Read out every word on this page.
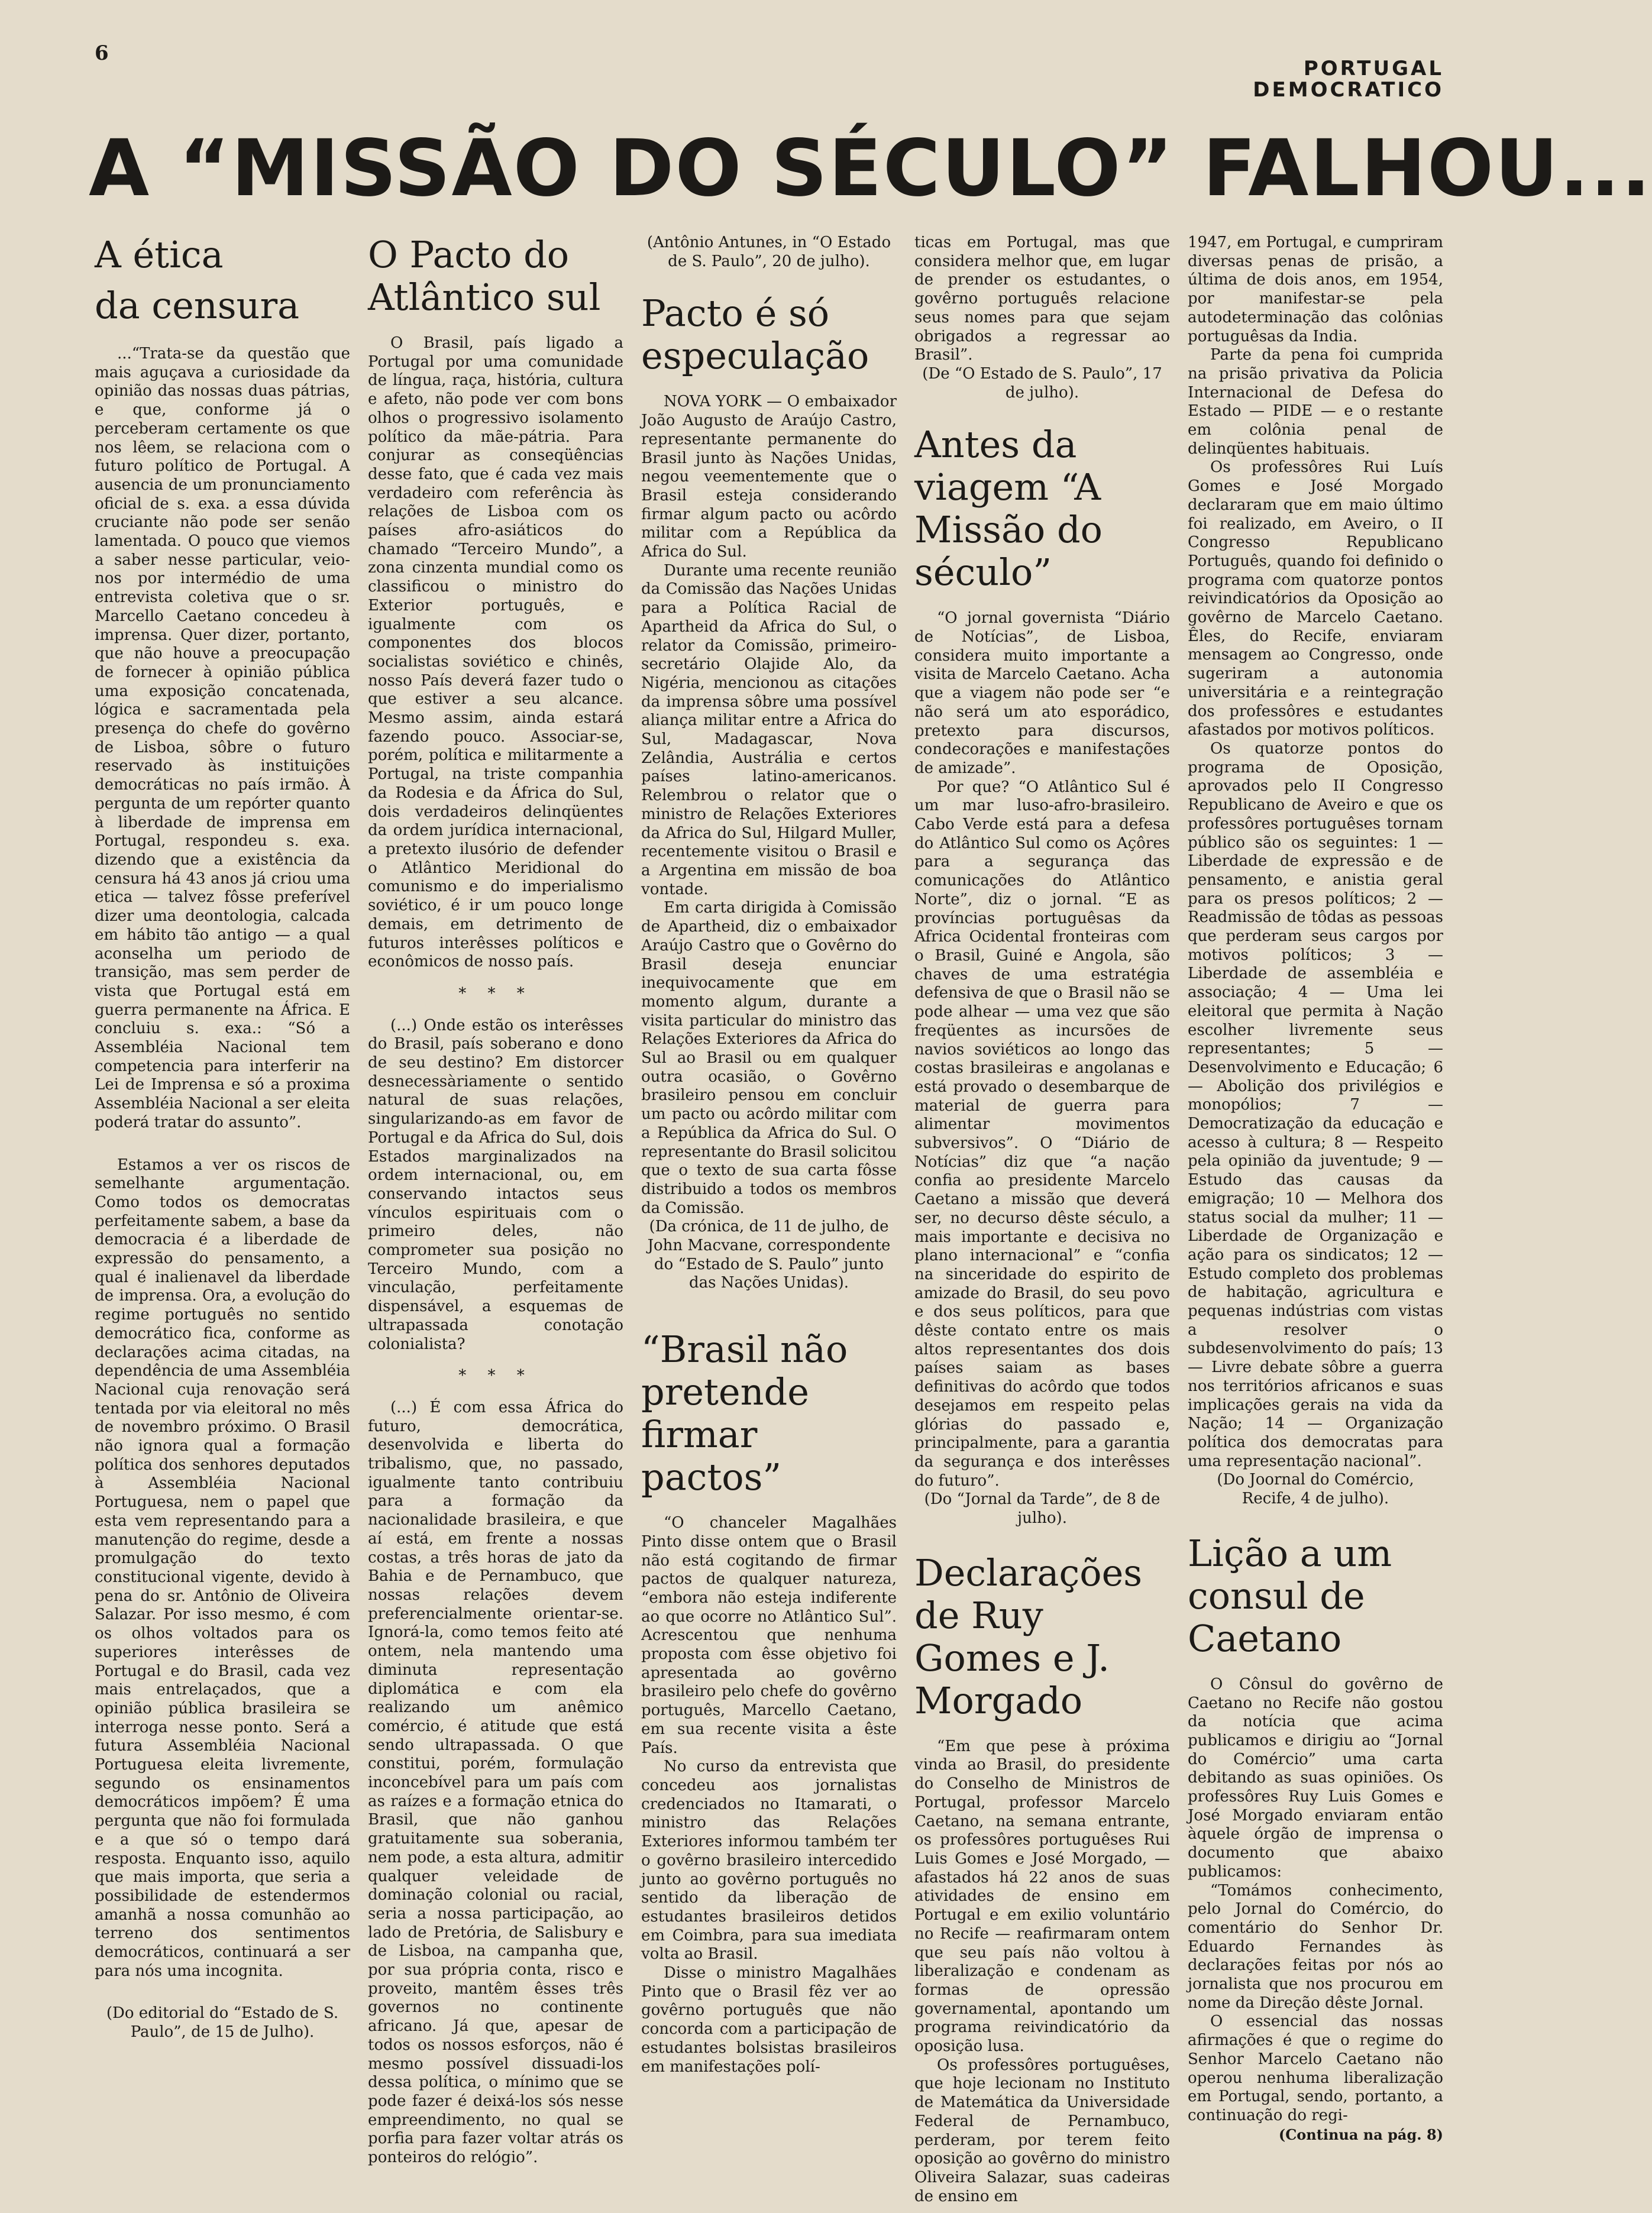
6
PORTUGAL
DEMOCRATICO
A “MISSÃO DO SÉCULO” FALHOU...
A ética
da censura

...“Trata-se da questão que mais aguçava a curiosidade da opinião das nossas duas pátrias, e que, conforme já o perceberam certamente os que nos lêem, se relaciona com o futuro político de Portugal. A ausencia de um pronunciamento oficial de s. exa. a essa dúvida cruciante não pode ser senão lamentada. O pouco que viemos a saber nesse particular, veio-nos por intermédio de uma entrevista coletiva que o sr. Marcello Caetano concedeu à imprensa. Quer dizer, portanto, que não houve a preocupação de fornecer à opinião pública uma exposição concatenada, lógica e sacramentada pela presença do chefe do govêrno de Lisboa, sôbre o futuro reservado às instituições democráticas no país irmão. À pergunta de um repórter quanto à liberdade de imprensa em Portugal, respondeu s. exa. dizendo que a existência da censura há 43 anos já criou uma etica — talvez fôsse preferível dizer uma deontologia, calcada em hábito tão antigo — a qual aconselha um periodo de transição, mas sem perder de vista que Portugal está em guerra permanente na África. E concluiu s. exa.: “Só a Assembléia Nacional tem competencia para interferir na Lei de Imprensa e só a proxima Assembléia Nacional a ser eleita poderá tratar do assunto”.

Estamos a ver os riscos de semelhante argumentação. Como todos os democratas perfeitamente sabem, a base da democracia é a liberdade de expressão do pensamento, a qual é inalienavel da liberdade de imprensa. Ora, a evolução do regime português no sentido democrático fica, conforme as declarações acima citadas, na dependência de uma Assembléia Nacional cuja renovação será tentada por via eleitoral no mês de novembro próximo. O Brasil não ignora qual a formação política dos senhores deputados à Assembléia Nacional Portuguesa, nem o papel que esta vem representando para a manutenção do regime, desde a promulgação do texto constitucional vigente, devido à pena do sr. Antônio de Oliveira Salazar. Por isso mesmo, é com os olhos voltados para os superiores interêsses de Portugal e do Brasil, cada vez mais entrelaçados, que a opinião pública brasileira se interroga nesse ponto. Será a futura Assembléia Nacional Portuguesa eleita livremente, segundo os ensinamentos democráticos impõem? É uma pergunta que não foi formulada e a que só o tempo dará resposta. Enquanto isso, aquilo que mais importa, que seria a possibilidade de estendermos amanhã a nossa comunhão ao terreno dos sentimentos democráticos, continuará a ser para nós uma incognita.

(Do editorial do “Estado de S. Paulo”, de 15 de Julho).

O Pacto do
Atlântico sul

O Brasil, país ligado a Portugal por uma comunidade de língua, raça, história, cultura e afeto, não pode ver com bons olhos o progressivo isolamento político da mãe-pátria. Para conjurar as conseqüências desse fato, que é cada vez mais verdadeiro com referência às relações de Lisboa com os países afro-asiáticos do chamado “Terceiro Mundo”, a zona cinzenta mundial como os classificou o ministro do Exterior português, e igualmente com os componentes dos blocos socialistas soviético e chinês, nosso País deverá fazer tudo o que estiver a seu alcance. Mesmo assim, ainda estará fazendo pouco. Associar-se, porém, política e militarmente a Portugal, na triste companhia da Rodesia e da África do Sul, dois verdadeiros delinqüentes da ordem jurídica internacional, a pretexto ilusório de defender o Atlântico Meridional do comunismo e do imperialismo soviético, é ir um pouco longe demais, em detrimento de futuros interêsses políticos e econômicos de nosso país.

* * *

(...) Onde estão os interêsses do Brasil, país soberano e dono de seu destino? Em distorcer desnecessàriamente o sentido natural de suas relações, singularizando-as em favor de Portugal e da Africa do Sul, dois Estados marginalizados na ordem internacional, ou, em conservando intactos seus vínculos espirituais com o primeiro deles, não comprometer sua posição no Terceiro Mundo, com a vinculação, perfeitamente dispensável, a esquemas de ultrapassada conotação colonialista?

* * *

(...) É com essa África do futuro, democrática, desenvolvida e liberta do tribalismo, que, no passado, igualmente tanto contribuiu para a formação da nacionalidade brasileira, e que aí está, em frente a nossas costas, a três horas de jato da Bahia e de Pernambuco, que nossas relações devem preferencialmente orientar-se. Ignorá-la, como temos feito até ontem, nela mantendo uma diminuta representação diplomática e com ela realizando um anêmico comércio, é atitude que está sendo ultrapassada. O que constitui, porém, formulação inconcebível para um país com as raízes e a formação etnica do Brasil, que não ganhou gratuitamente sua soberania, nem pode, a esta altura, admitir qualquer veleidade de dominação colonial ou racial, seria a nossa participação, ao lado de Pretória, de Salisbury e de Lisboa, na campanha que, por sua própria conta, risco e proveito, mantêm êsses três governos no continente africano. Já que, apesar de todos os nossos esforços, não é mesmo possível dissuadi-los dessa política, o mínimo que se pode fazer é deixá-los sós nesse empreendimento, no qual se porfia para fazer voltar atrás os ponteiros do relógio”.

(Antônio Antunes, in “O Estado de S. Paulo”, 20 de julho).

Pacto é só
especulação

NOVA YORK — O embaixador João Augusto de Araújo Castro, representante permanente do Brasil junto às Nações Unidas, negou veementemente que o Brasil esteja considerando firmar algum pacto ou acôrdo militar com a República da Africa do Sul.

Durante uma recente reunião da Comissão das Nações Unidas para a Política Racial de Apartheid da Africa do Sul, o relator da Comissão, primeiro-secretário Olajide Alo, da Nigéria, mencionou as citações da imprensa sôbre uma possível aliança militar entre a Africa do Sul, Madagascar, Nova Zelândia, Austrália e certos países latino-americanos. Relembrou o relator que o ministro de Relações Exteriores da Africa do Sul, Hilgard Muller, recentemente visitou o Brasil e a Argentina em missão de boa vontade.

Em carta dirigida à Comissão de Apartheid, diz o embaixador Araújo Castro que o Govêrno do Brasil deseja enunciar inequivocamente que em momento algum, durante a visita particular do ministro das Relações Exteriores da Africa do Sul ao Brasil ou em qualquer outra ocasião, o Govêrno brasileiro pensou em concluir um pacto ou acôrdo militar com a República da Africa do Sul. O representante do Brasil solicitou que o texto de sua carta fôsse distribuido a todos os membros da Comissão.

(Da crónica, de 11 de julho, de John Macvane, correspondente do “Estado de S. Paulo” junto das Nações Unidas).

“Brasil não pretende firmar pactos”

“O chanceler Magalhães Pinto disse ontem que o Brasil não está cogitando de firmar pactos de qualquer natureza, “embora não esteja indiferente ao que ocorre no Atlântico Sul”. Acrescentou que nenhuma proposta com êsse objetivo foi apresentada ao govêrno brasileiro pelo chefe do govêrno português, Marcello Caetano, em sua recente visita a êste País.

No curso da entrevista que concedeu aos jornalistas credenciados no Itamarati, o ministro das Relações Exteriores informou também ter o govêrno brasileiro intercedido junto ao govêrno português no sentido da liberação de estudantes brasileiros detidos em Coimbra, para sua imediata volta ao Brasil.

Disse o ministro Magalhães Pinto que o Brasil fêz ver ao govêrno português que não concorda com a participação de estudantes bolsistas brasileiros em manifestações polí-

ticas em Portugal, mas que considera melhor que, em lugar de prender os estudantes, o govêrno português relacione seus nomes para que sejam obrigados a regressar ao Brasil”.

(De “O Estado de S. Paulo”, 17 de julho).

Antes da viagem “A Missão do século”

“O jornal governista “Diário de Notícias”, de Lisboa, considera muito importante a visita de Marcelo Caetano. Acha que a viagem não pode ser “e não será um ato esporádico, pretexto para discursos, condecorações e manifestações de amizade”.

Por que? “O Atlântico Sul é um mar luso-afro-brasileiro. Cabo Verde está para a defesa do Atlântico Sul como os Açôres para a segurança das comunicações do Atlântico Norte”, diz o jornal. “E as províncias portuguêsas da Africa Ocidental fronteiras com o Brasil, Guiné e Angola, são chaves de uma estratégia defensiva de que o Brasil não se pode alhear — uma vez que são freqüentes as incursões de navios soviéticos ao longo das costas brasileiras e angolanas e está provado o desembarque de material de guerra para alimentar movimentos subversivos”. O “Diário de Notícias” diz que “a nação confia ao presidente Marcelo Caetano a missão que deverá ser, no decurso dêste século, a mais importante e decisiva no plano internacional” e “confia na sinceridade do espirito de amizade do Brasil, do seu povo e dos seus políticos, para que dêste contato entre os mais altos representantes dos dois países saiam as bases definitivas do acôrdo que todos desejamos em respeito pelas glórias do passado e, principalmente, para a garantia da segurança e dos interêsses do futuro”.

(Do “Jornal da Tarde”, de 8 de julho).

Declarações de Ruy Gomes e J. Morgado

“Em que pese à próxima vinda ao Brasil, do presidente do Conselho de Ministros de Portugal, professor Marcelo Caetano, na semana entrante, os professôres portuguêses Rui Luis Gomes e José Morgado, — afastados há 22 anos de suas atividades de ensino em Portugal e em exilio voluntário no Recife — reafirmaram ontem que seu país não voltou à liberalização e condenam as formas de opressão governamental, apontando um programa reivindicatório da oposição lusa.

Os professôres portuguêses, que hoje lecionam no Instituto de Matemática da Universidade Federal de Pernambuco, perderam, por terem feito oposição ao govêrno do ministro Oliveira Salazar, suas cadeiras de ensino em

1947, em Portugal, e cumpriram diversas penas de prisão, a última de dois anos, em 1954, por manifestar-se pela autodeterminação das colônias portuguêsas da India.

Parte da pena foi cumprida na prisão privativa da Policia Internacional de Defesa do Estado — PIDE — e o restante em colônia penal de delinqüentes habituais.

Os professôres Rui Luís Gomes e José Morgado declararam que em maio último foi realizado, em Aveiro, o II Congresso Republicano Português, quando foi definido o programa com quatorze pontos reivindicatórios da Oposição ao govêrno de Marcelo Caetano. Êles, do Recife, enviaram mensagem ao Congresso, onde sugeriram a autonomia universitária e a reintegração dos professôres e estudantes afastados por motivos políticos.

Os quatorze pontos do programa de Oposição, aprovados pelo II Congresso Republicano de Aveiro e que os professôres portuguêses tornam público são os seguintes: 1 — Liberdade de expressão e de pensamento, e anistia geral para os presos políticos; 2 — Readmissão de tôdas as pessoas que perderam seus cargos por motivos políticos; 3 — Liberdade de assembléia e associação; 4 — Uma lei eleitoral que permita à Nação escolher livremente seus representantes; 5 — Desenvolvimento e Educação; 6 — Abolição dos privilégios e monopólios; 7 — Democratização da educação e acesso à cultura; 8 — Respeito pela opinião da juventude; 9 — Estudo das causas da emigração; 10 — Melhora dos status social da mulher; 11 — Liberdade de Organização e ação para os sindicatos; 12 — Estudo completo dos problemas de habitação, agricultura e pequenas indústrias com vistas a resolver o subdesenvolvimento do país; 13 — Livre debate sôbre a guerra nos territórios africanos e suas implicações gerais na vida da Nação; 14 — Organização política dos democratas para uma representação nacional”.

(Do Joornal do Comércio, Recife, 4 de julho).

Lição a um consul de Caetano

O Cônsul do govêrno de Caetano no Recife não gostou da notícia que acima publicamos e dirigiu ao “Jornal do Comércio” uma carta debitando as suas opiniões. Os professôres Ruy Luis Gomes e José Morgado enviaram então àquele órgão de imprensa o documento que abaixo publicamos:

“Tomámos conhecimento, pelo Jornal do Comércio, do comentário do Senhor Dr. Eduardo Fernandes às declarações feitas por nós ao jornalista que nos procurou em nome da Direção dêste Jornal.

O essencial das nossas afirmações é que o regime do Senhor Marcelo Caetano não operou nenhuma liberalização em Portugal, sendo, portanto, a continuação do regi-

(Continua na pág. 8)
